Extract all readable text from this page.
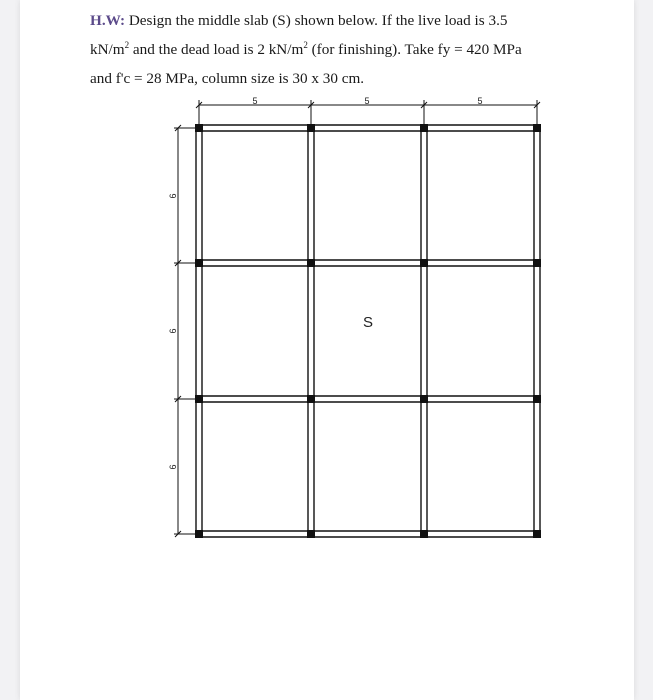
H.W: Design the middle slab (S) shown below. If the live load is 3.5

$kN/m^2$ and the dead load is 2 $kN/m^2$ (for finishing). Take fy = 420 MPa

and f'c = 28 MPa, column size is 30 x 30 cm.

5	5	5
6
6
6
S
